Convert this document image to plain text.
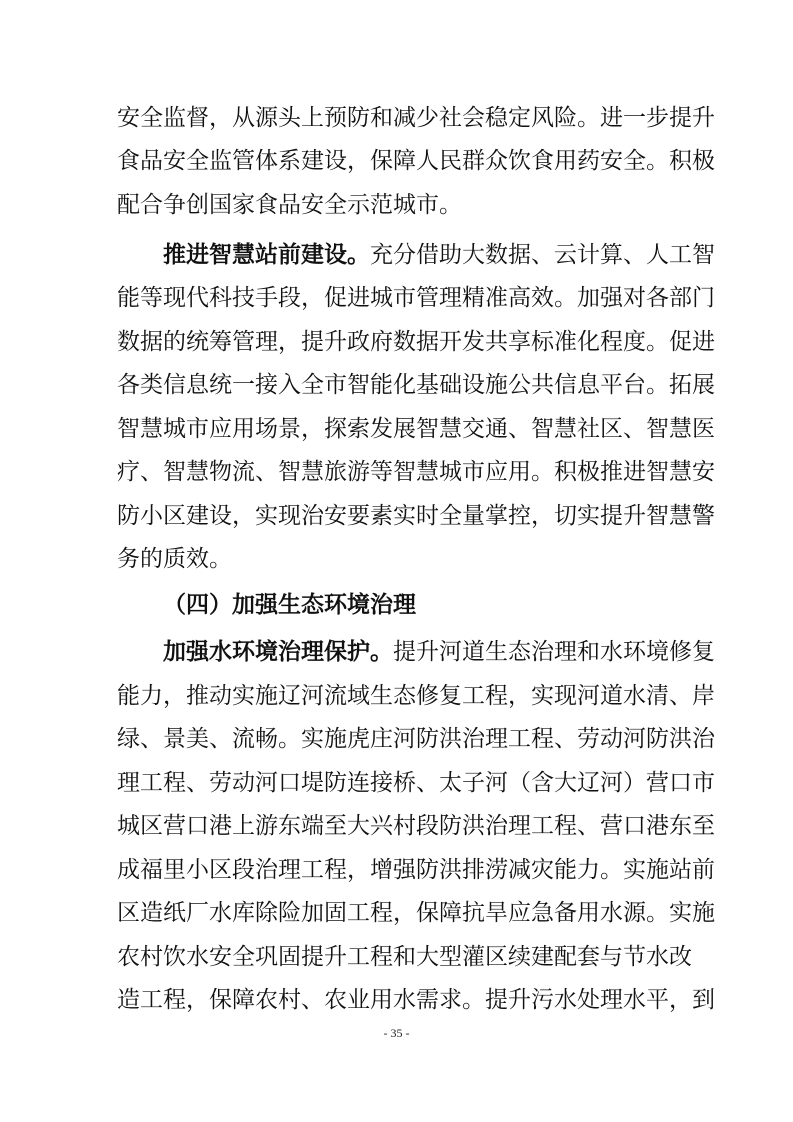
安全监督，从源头上预防和减少社会稳定风险。进一步提升
食品安全监管体系建设，保障人民群众饮食用药安全。积极
配合争创国家食品安全示范城市。
推进智慧站前建设。充分借助大数据、云计算、人工智
能等现代科技手段，促进城市管理精准高效。加强对各部门
数据的统筹管理，提升政府数据开发共享标准化程度。促进
各类信息统一接入全市智能化基础设施公共信息平台。拓展
智慧城市应用场景，探索发展智慧交通、智慧社区、智慧医
疗、智慧物流、智慧旅游等智慧城市应用。积极推进智慧安
防小区建设，实现治安要素实时全量掌控，切实提升智慧警
务的质效。
（四）加强生态环境治理
加强水环境治理保护。提升河道生态治理和水环境修复
能力，推动实施辽河流域生态修复工程，实现河道水清、岸
绿、景美、流畅。实施虎庄河防洪治理工程、劳动河防洪治
理工程、劳动河口堤防连接桥、太子河（含大辽河）营口市
城区营口港上游东端至大兴村段防洪治理工程、营口港东至
成福里小区段治理工程，增强防洪排涝减灾能力。实施站前
区造纸厂水库除险加固工程，保障抗旱应急备用水源。实施
农村饮水安全巩固提升工程和大型灌区续建配套与节水改
造工程，保障农村、农业用水需求。提升污水处理水平，到
- 35 -
